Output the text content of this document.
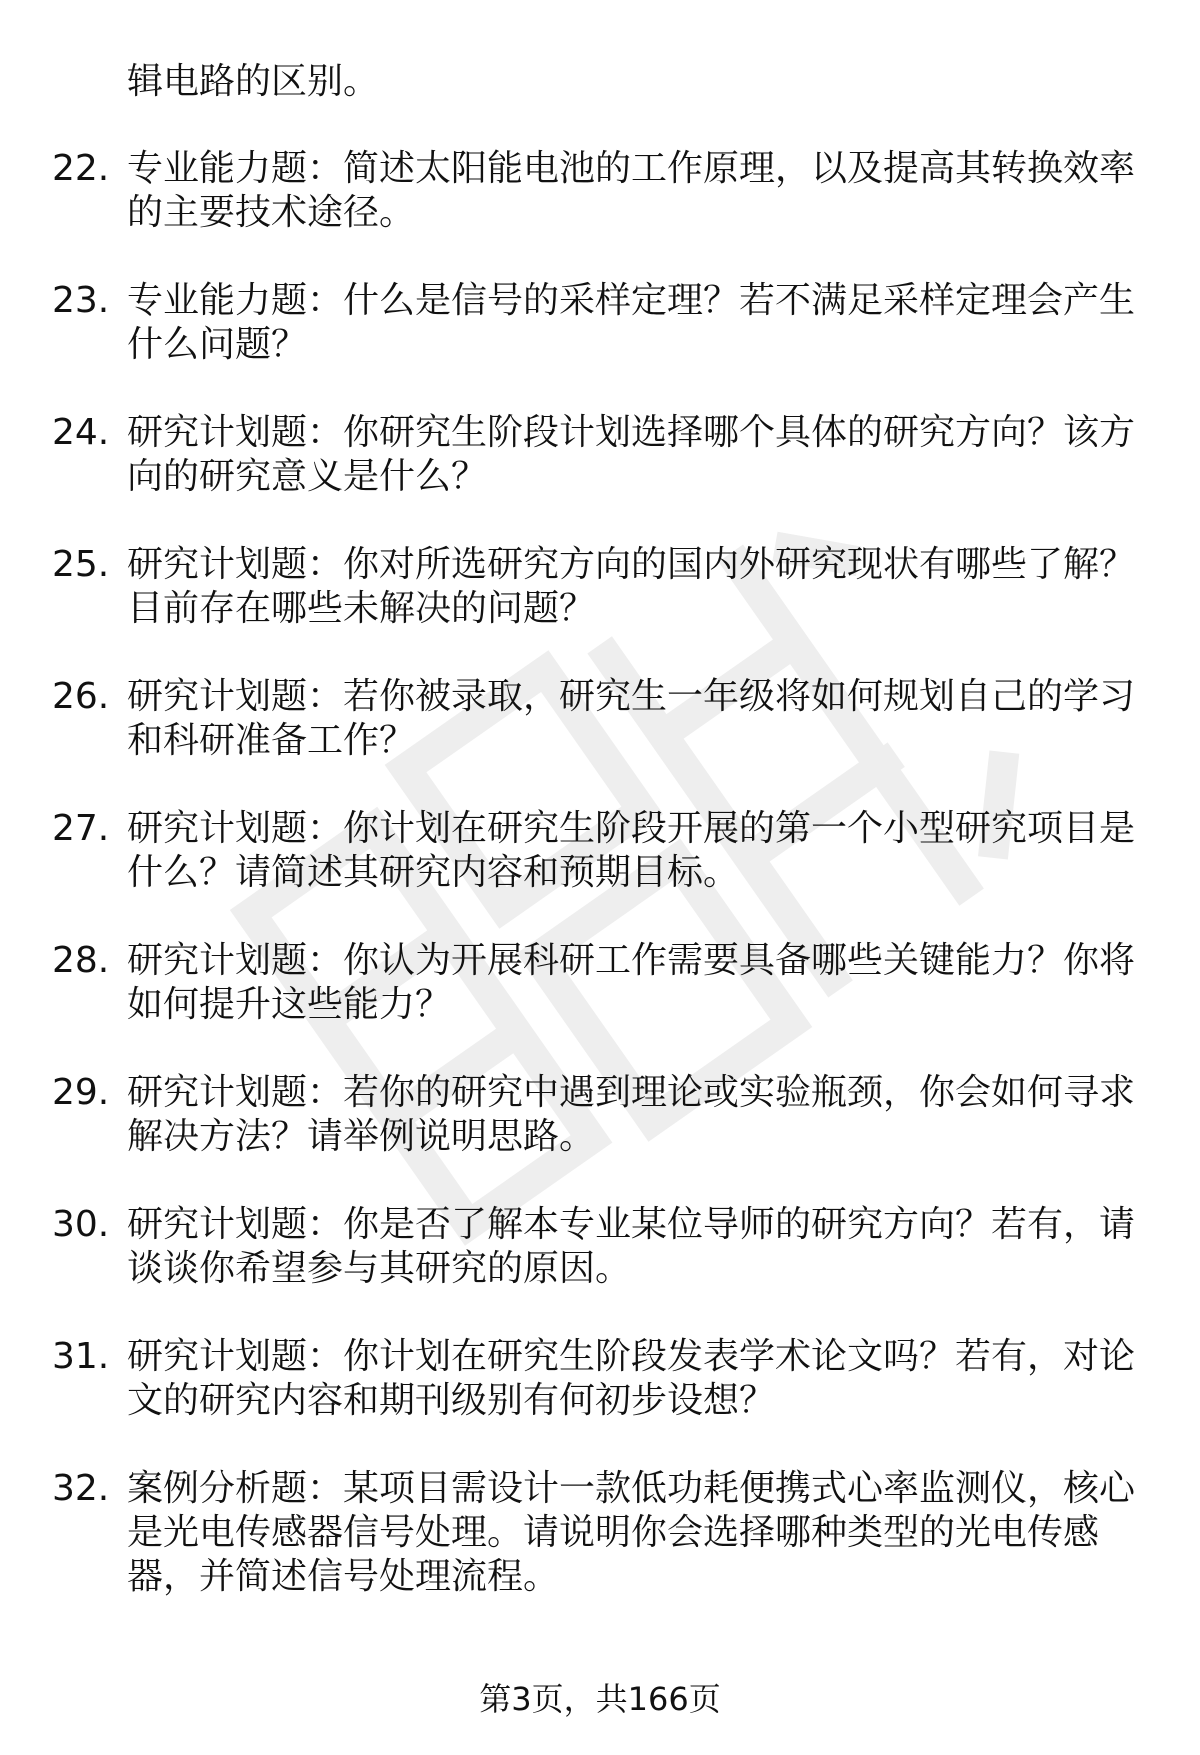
辑电路的区别。

22. 专业能力题：简述太阳能电池的工作原理，以及提高其转换效率的主要技术途径。
23. 专业能力题：什么是信号的采样定理？若不满足采样定理会产生什么问题？
24. 研究计划题：你研究生阶段计划选择哪个具体的研究方向？该方向的研究意义是什么？
25. 研究计划题：你对所选研究方向的国内外研究现状有哪些了解？目前存在哪些未解决的问题？
26. 研究计划题：若你被录取，研究生一年级将如何规划自己的学习和科研准备工作？
27. 研究计划题：你计划在研究生阶段开展的第一个小型研究项目是什么？请简述其研究内容和预期目标。
28. 研究计划题：你认为开展科研工作需要具备哪些关键能力？你将如何提升这些能力？
29. 研究计划题：若你的研究中遇到理论或实验瓶颈，你会如何寻求解决方法？请举例说明思路。
30. 研究计划题：你是否了解本专业某位导师的研究方向？若有，请谈谈你希望参与其研究的原因。
31. 研究计划题：你计划在研究生阶段发表学术论文吗？若有，对论文的研究内容和期刊级别有何初步设想？
32. 案例分析题：某项目需设计一款低功耗便携式心率监测仪，核心是光电传感器信号处理。请说明你会选择哪种类型的光电传感器，并简述信号处理流程。
第3页，共166页
